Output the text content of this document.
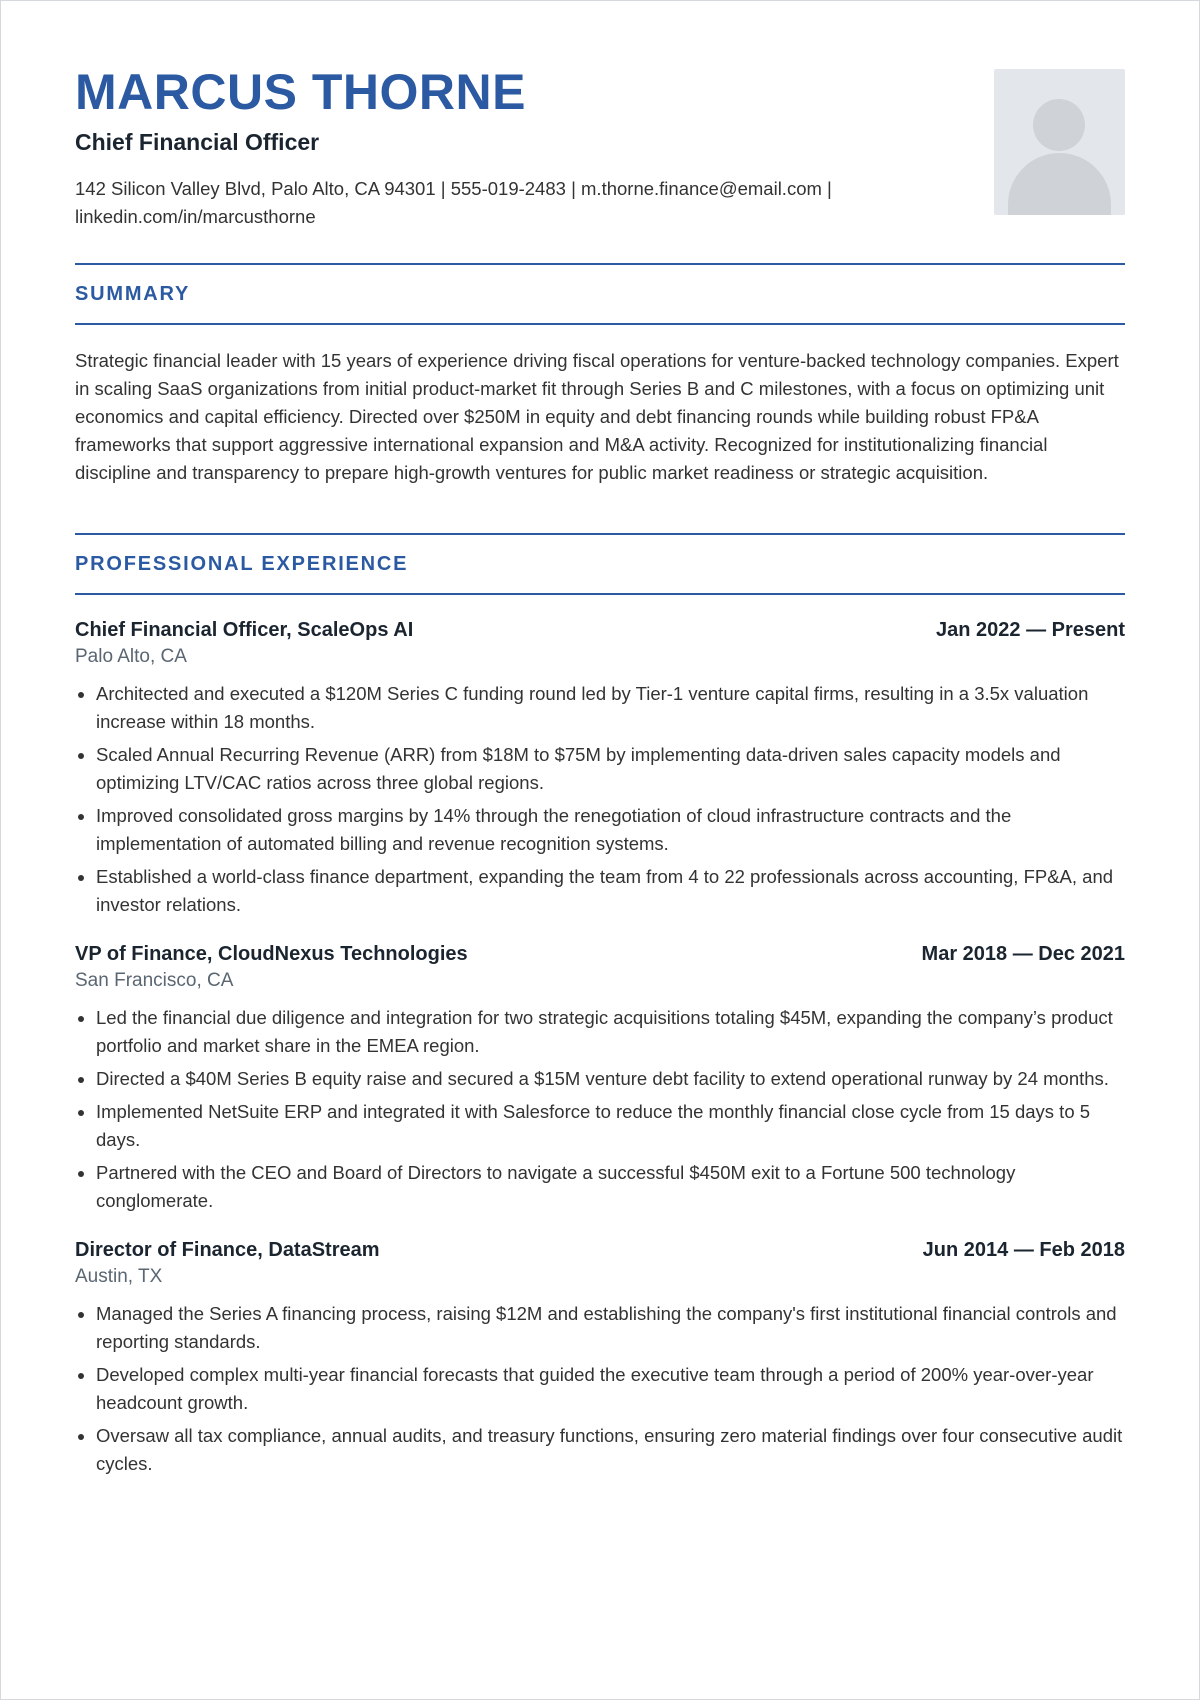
MARCUS THORNE
Chief Financial Officer
142 Silicon Valley Blvd, Palo Alto, CA 94301 | 555-019-2483 | m.thorne.finance@email.com |
linkedin.com/in/marcusthorne
SUMMARY

Strategic financial leader with 15 years of experience driving fiscal operations for venture-backed technology companies. Expert in scaling SaaS organizations from initial product-market fit through Series B and C milestones, with a focus on optimizing unit economics and capital efficiency. Directed over $250M in equity and debt financing rounds while building robust FP&A frameworks that support aggressive international expansion and M&A activity. Recognized for institutionalizing financial discipline and transparency to prepare high-growth ventures for public market readiness or strategic acquisition.

PROFESSIONAL EXPERIENCE
Chief Financial Officer, ScaleOps AI	Jan 2022 — Present
Palo Alto, CA
• Architected and executed a $120M Series C funding round led by Tier-1 venture capital firms, resulting in a 3.5x valuation increase within 18 months.
• Scaled Annual Recurring Revenue (ARR) from $18M to $75M by implementing data-driven sales capacity models and optimizing LTV/CAC ratios across three global regions.
• Improved consolidated gross margins by 14% through the renegotiation of cloud infrastructure contracts and the implementation of automated billing and revenue recognition systems.
• Established a world-class finance department, expanding the team from 4 to 22 professionals across accounting, FP&A, and investor relations.
VP of Finance, CloudNexus Technologies	Mar 2018 — Dec 2021
San Francisco, CA
• Led the financial due diligence and integration for two strategic acquisitions totaling $45M, expanding the company’s product portfolio and market share in the EMEA region.
• Directed a $40M Series B equity raise and secured a $15M venture debt facility to extend operational runway by 24 months.
• Implemented NetSuite ERP and integrated it with Salesforce to reduce the monthly financial close cycle from 15 days to 5 days.
• Partnered with the CEO and Board of Directors to navigate a successful $450M exit to a Fortune 500 technology conglomerate.
Director of Finance, DataStream	Jun 2014 — Feb 2018
Austin, TX
• Managed the Series A financing process, raising $12M and establishing the company's first institutional financial controls and reporting standards.
• Developed complex multi-year financial forecasts that guided the executive team through a period of 200% year-over-year headcount growth.
• Oversaw all tax compliance, annual audits, and treasury functions, ensuring zero material findings over four consecutive audit cycles.
